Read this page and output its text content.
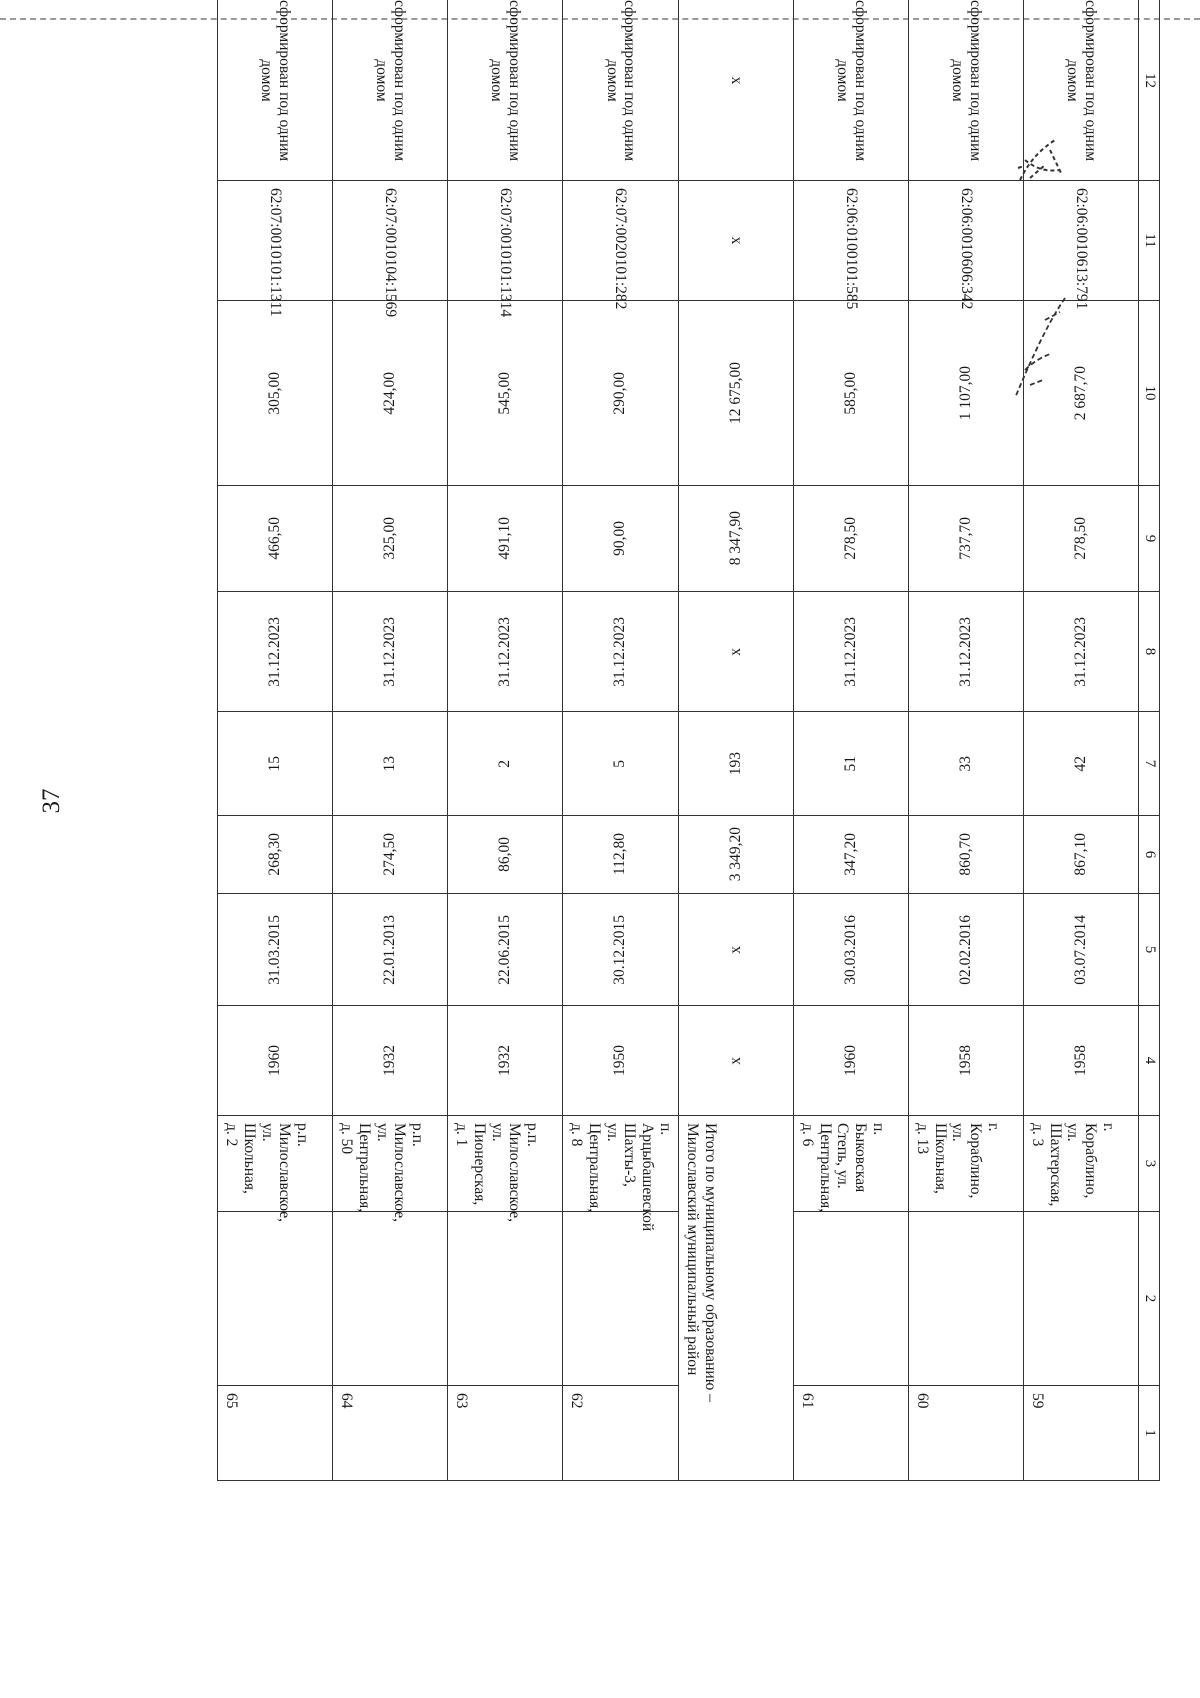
37
12	11	10	9	8	7	6	5	4	3	2	1
сформирован под одним домом	62:06:0010613:791	2 687,70	278,50	31.12.2023	42	867,10	03.07.2014	1958	г. Кораблино, ул. Шахтерская, д. 3		59
сформирован под одним домом	62:06:0010606:342	1 107,00	737,70	31.12.2023	33	860,70	02.02.2016	1958	г. Кораблино, ул. Школьная, д. 13		60
сформирован под одним домом	62:06:0100101:585	585,00	278,50	31.12.2023	51	347,20	30.03.2016	1960	п. Быковская Степь, ул. Центральная, д. 6		61
х	х	12 675,00	8 347,90	х	193	3 349,20	х	х	Итого по муниципальному образованию – Милославский муниципальный район		
сформирован под одним домом	62:07:0020101:282	290,00	90,00	31.12.2023	5	112,80	30.12.2015	1950	п. Арцыбашевской Шахты-3, ул. Центральная, д. 8		62
сформирован под одним домом	62:07:0010101:1314	545,00	491,10	31.12.2023	2	86,00	22.06.2015	1932	р.п. Милославское, ул. Пионерская, д. 1		63
сформирован под одним домом	62:07:0010104:1569	424,00	325,00	31.12.2023	13	274,50	22.01.2013	1932	р.п. Милославское, ул. Центральная, д. 50		64
сформирован под одним домом	62:07:0010101:1311	305,00	466,50	31.12.2023	15	268,30	31.03.2015	1960	р.п. Милославское, ул. Школьная, д. 2		65
